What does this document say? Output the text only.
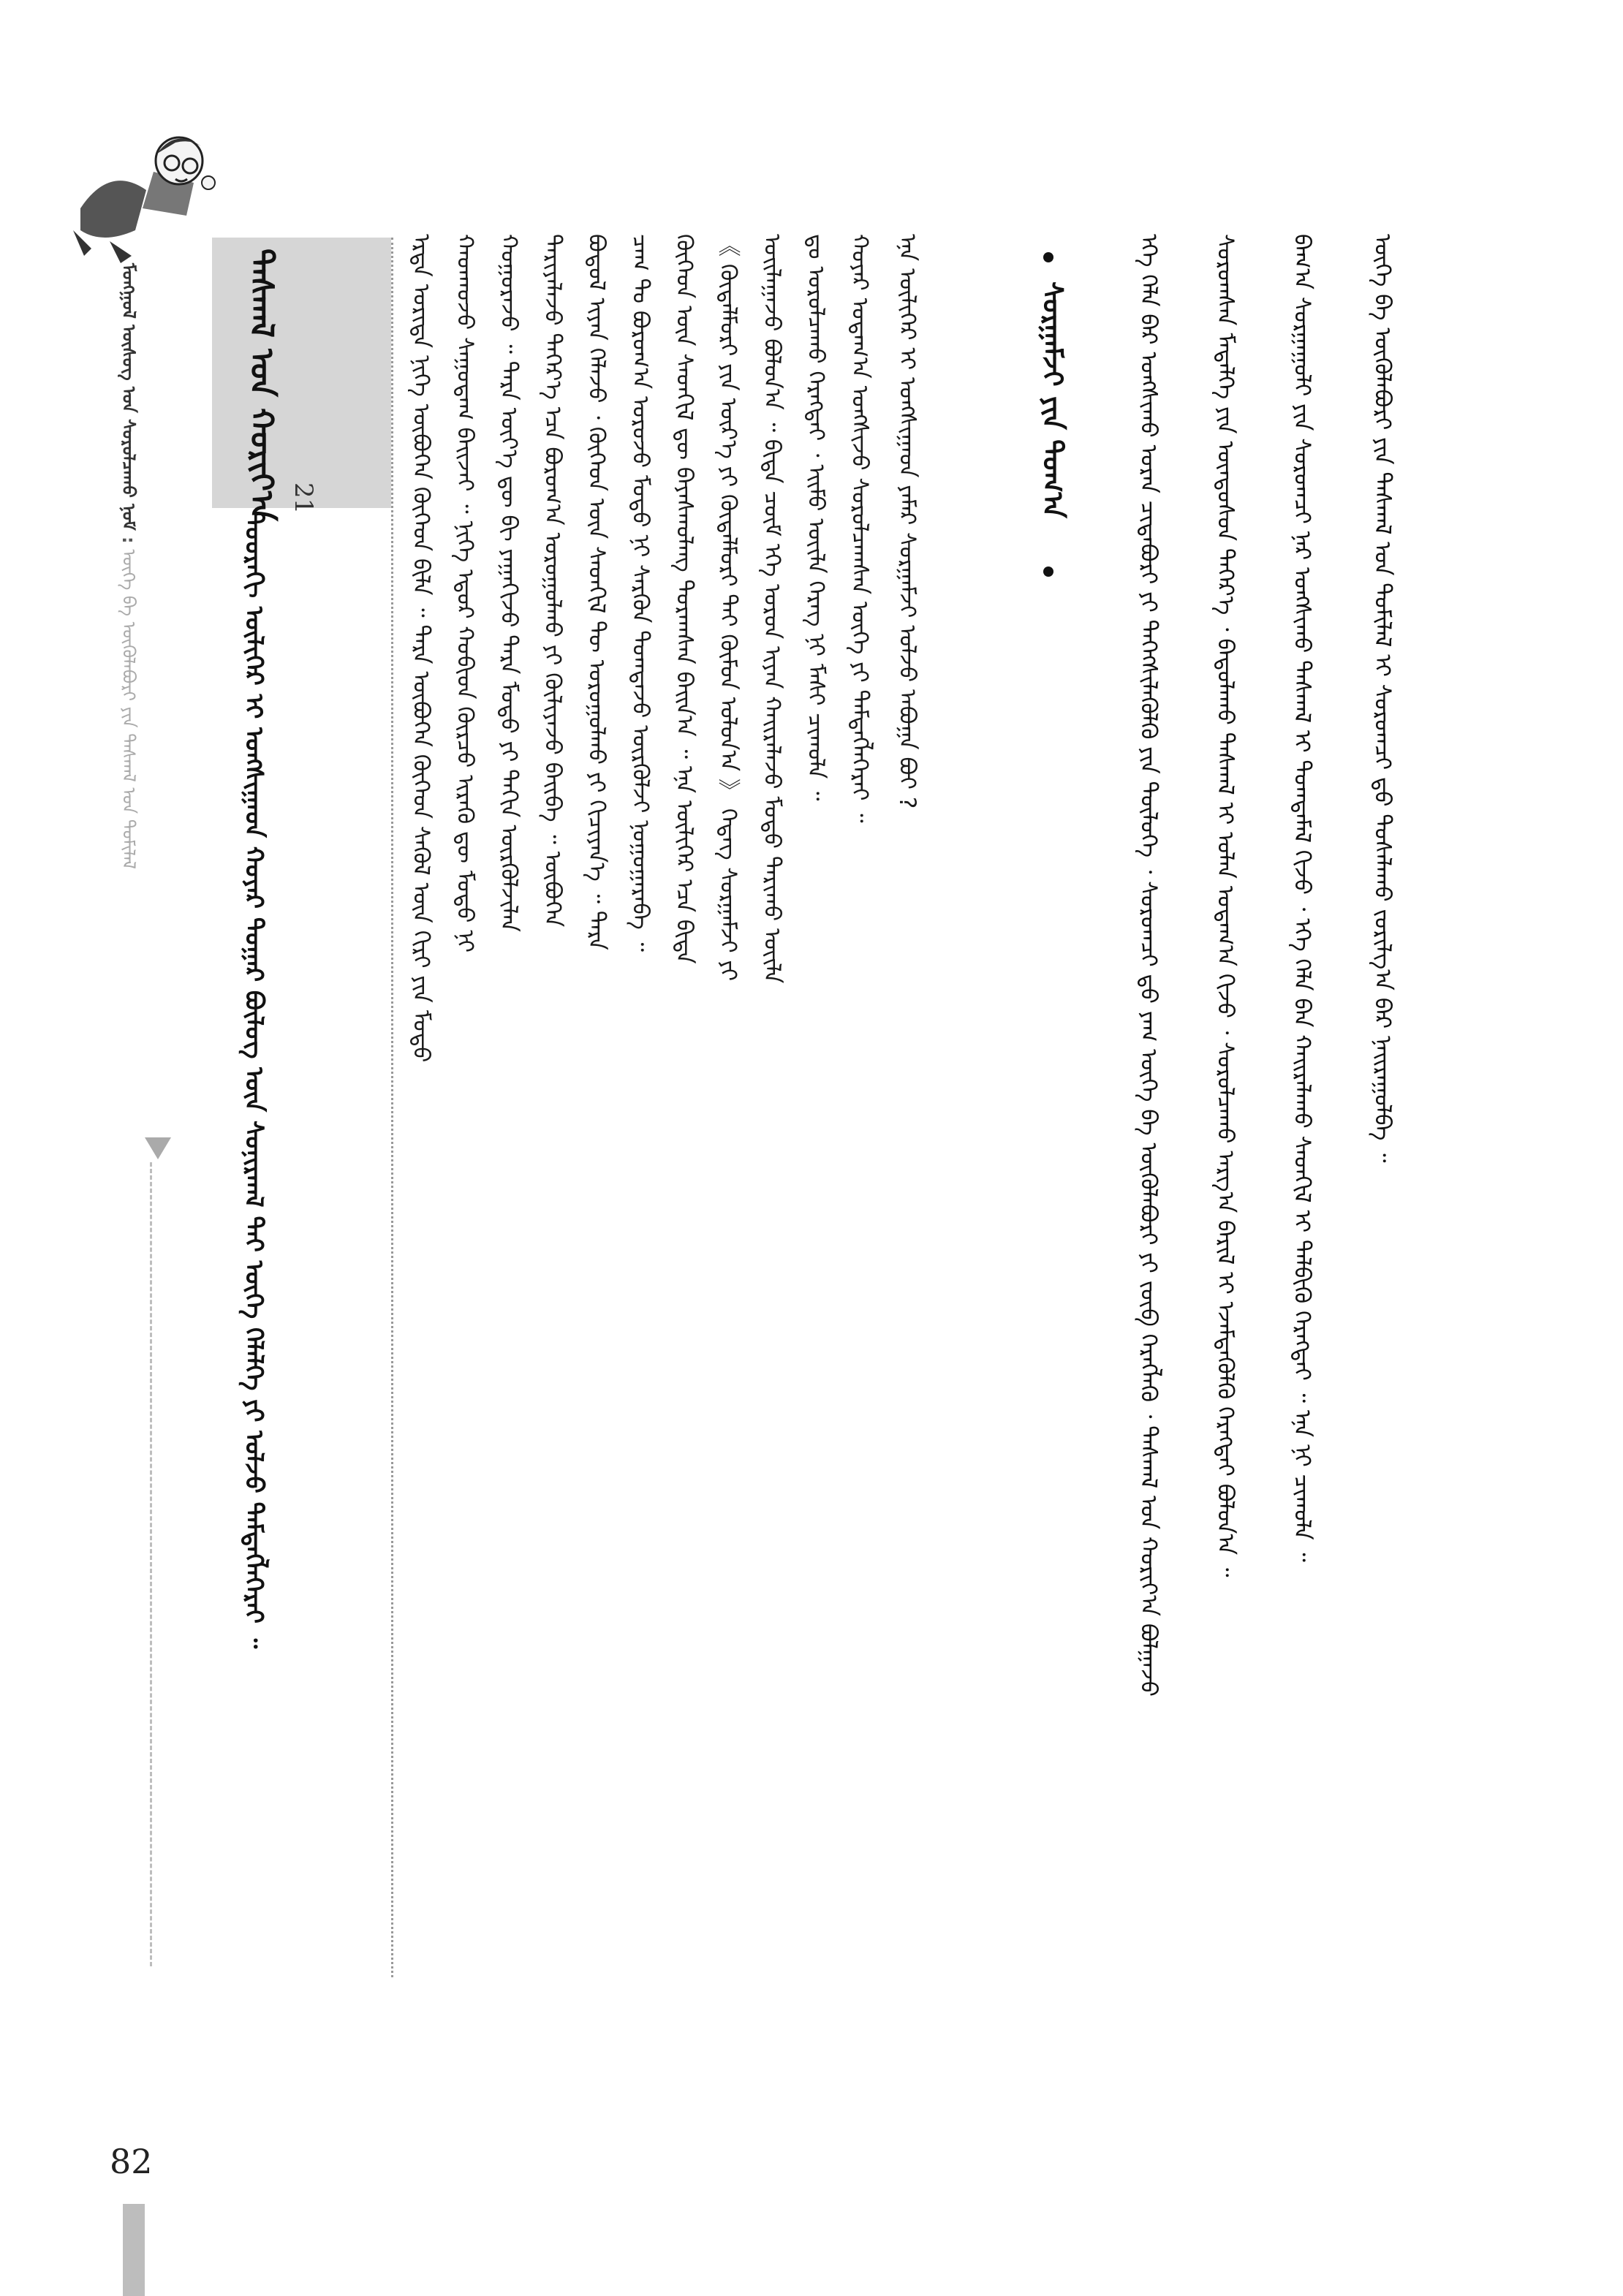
ᠮᠣᠩᠭᠣᠯ ᠦᠰᠦᠭ ᠤᠨ ᠰᠤᠷᠤᠯᠴᠠᠬᠤ ᠨᠣᠮ:ᠦᠭᠡ ᠪᠠ ᠦᠭᠦᠯᠡᠪᠦᠷᠢ ᠶᠢᠨ ᠳᠠᠰᠬᠠᠯ ᠤᠨ ᠲᠣᠮᠢᠯᠠᠯ
82
ᠳᠠᠰᠬᠠᠯ ᠤᠨ ᠬᠣᠷᠢᠶ᠎ᠠ 21
ᠳᠣᠣᠷᠠᠬᠢ ᠦᠯᠢᠭᠡᠷ ᠢ ᠤᠩᠰᠢᠭᠠᠳ ᠬᠣᠶᠠᠷ ᠳᠤᠭᠠᠷ ᠪᠦᠯᠦᠭ ᠦᠨ ᠰᠣᠨᠢᠷᠬᠠᠯ ᠲᠠᠢ ᠦᠭᠡ ᠬᠡᠯᠡᠯᠭᠡ ᠶᠢ ᠣᠯᠵᠤ ᠲᠡᠮᠳᠡᠭᠯᠡᠭᠡᠷᠡᠢ ᠃	ᠡᠷᠲᠡ ᠤᠷᠢᠳᠠ ᠨᠢᠭᠡ ᠦᠪᠦᠭᠡᠨ ᠬᠥᠬᠡᠳ ᠪᠢᠯᠡ ᠃ ᠲᠡᠷᠡ ᠦᠪᠦᠭᠡᠨ ᠬᠥᠬᠡᠳ ᠰᠡᠭᠦᠯ ᠦᠨ ᠬᠢᠷᠢ ᠶᠢᠨ ᠮᠣᠳᠣ ᠬᠠᠳᠬᠤᠵᠤ ᠰᠠᠭᠤᠳᠠᠭ ᠪᠠᠢᠵᠠᠢ ᠃ ᠨᠢᠭᠡ ᠡᠳᠦᠷ ᠬᠣᠪᠢᠳ ᠬᠦᠷᠴᠦ ᠢᠷᠡᠬᠦ ᠳᠦ ᠮᠣᠳᠣ ᠨᠢ ᠬᠤᠭᠤᠷᠠᠵᠤ ᠃ ᠲᠡᠷᠡ ᠦᠶ᠎ᠡ ᠳᠦ ᠪᠢ ᠶᠠᠭᠠᠬᠢᠵᠤ ᠲᠡᠷᠡ ᠮᠣᠳᠣ ᠶᠢ ᠳᠠᠬᠢᠨ ᠦᠷᠭᠦᠯᠵᠢᠯᠡᠨ ᠲᠠᠷᠢᠶᠠᠯᠠᠵᠤ ᠳᠡᠭᠡᠷ᠎ᠡ ᠡᠴᠡ ᠪᠣᠷᠤᠭ᠎ᠠ ᠣᠷᠣᠭᠤᠯᠬᠤ ᠶᠢ ᠬᠦᠯᠢᠶᠡᠵᠦ ᠪᠠᠢᠪᠠ ᠃ ᠦᠪᠦᠭᠡᠨ ᠪᠣᠳᠣᠯ ᠢᠶᠡᠨ ᠬᠡᠯᠡᠵᠦ ᠂ ᠬᠥᠬᠡᠳ ᠦᠨ ᠰᠡᠳᠬᠢᠯ ᠲᠦ ᠣᠷᠣᠭᠤᠯᠬᠤ ᠶᠢ ᠬᠢᠴᠢᠶᠡᠨ᠎ᠡ ᠃ ᠲᠡᠷᠡ ᠴᠠᠭ ᠲᠤ ᠪᠣᠷᠤᠭ᠎ᠠ ᠣᠷᠣᠵᠤ ᠮᠣᠳᠣ ᠨᠢ ᠰᠡᠷᠭᠦᠨ ᠲᠣᠭᠲᠠᠵᠤ ᠦᠷᠭᠦᠯᠵᠢ ᠨᠣᠭᠣᠭᠠᠷᠠᠪᠠ ᠃ ᠬᠥᠬᠡᠳ ᠦᠨ ᠰᠡᠳᠬᠢᠯ ᠳᠦ ᠪᠠᠶᠠᠰᠬᠤᠯᠠᠩ ᠲᠤᠷᠠᠭᠰᠠᠨ ᠪᠠᠢᠨ᠎ᠠ ᠃ ᠡᠨᠡ ᠦᠯᠢᠭᠡᠷ ᠡᠴᠡ ᠪᠢᠳᠡ 《 ᠬᠥᠳᠡᠯᠮᠦᠷᠢ ᠶᠢᠨ ᠦᠷ᠎ᠡ ᠶᠢ ᠬᠦᠳᠡᠯᠮᠦᠷᠢ ᠲᠡᠢ ᠬᠦᠮᠦᠨ ᠣᠯᠣᠨ᠎ᠠ 》 ᠭᠡᠳᠡᠭ ᠰᠤᠷᠭᠠᠮᠵᠢ ᠶᠢ ᠣᠢᠯᠠᠭᠠᠵᠤ ᠪᠣᠯᠣᠨ᠎ᠠ ᠃ ᠪᠢᠳᠡ ᠴᠥᠮ ᠡᠬᠡ ᠣᠷᠣᠨ ᠢᠶᠡᠨ ᠬᠠᠢᠷᠠᠯᠠᠵᠤ ᠮᠣᠳᠣ ᠲᠠᠷᠢᠬᠤ ᠦᠢᠯᠡ ᠳᠤ ᠣᠷᠣᠯᠴᠠᠬᠤ ᠬᠡᠷᠡᠭᠲᠡᠢ ᠂ ᠡᠢᠮᠦ ᠦᠢᠯᠡ ᠬᠡᠷᠡᠭ ᠨᠢ ᠮᠠᠰᠢ ᠴᠢᠬᠤᠯᠠ ᠃ ᠬᠣᠶᠠᠷ ᠤᠳᠠᠭ᠎ᠠ ᠤᠩᠰᠢᠵᠤ ᠰᠤᠷᠤᠯᠴᠠᠭᠰᠠᠨ ᠦᠭᠡ ᠶᠢ ᠲᠡᠮᠳᠡᠭᠯᠡᠭᠡᠷᠡᠢ ᠃ ᠡᠨᠡ ᠦᠯᠢᠭᠡᠷ ᠢ ᠤᠩᠰᠢᠭᠠᠳ ᠶᠠᠮᠠᠷ ᠰᠤᠷᠭᠠᠮᠵᠢ ᠣᠯᠵᠤ ᠠᠪᠤᠭᠠ ᠪᠤᠢ ?	ᠰᠤᠷᠭᠠᠮᠵᠢ ᠶᠢᠨ ᠲᠣᠭ᠎ᠠ	ᠡᠬᠡ ᠬᠡᠯᠡ ᠪᠡᠷ ᠤᠩᠰᠢᠬᠤ ᠤᠷᠠᠨ ᠴᠢᠳᠠᠪᠤᠷᠢ ᠶᠢ ᠳᠡᠭᠡᠭᠰᠢᠯᠡᠭᠦᠯᠬᠦ ᠶᠢᠨ ᠲᠥᠯᠦᠭᠡ ᠂ ᠰᠤᠷᠤᠭᠴᠢ ᠳ᠋ᠤ ᠶᠠᠭ ᠦᠭᠡ ᠪᠠ ᠦᠭᠦᠯᠡᠪᠦᠷᠢ ᠶᠢ ᠵᠥᠪ ᠬᠡᠷᠡᠭᠯᠡᠬᠦ ᠂ ᠳᠠᠰᠬᠠᠯ ᠤᠨ ᠬᠣᠷᠢᠶ᠎ᠠ ᠪᠣᠯᠭᠠᠵᠤ ᠰᠤᠷᠤᠭᠰᠠᠨ ᠮᠡᠳᠡᠯᠭᠡ ᠶᠢᠨ ᠦᠨᠳᠦᠰᠦᠨ ᠳᠡᠭᠡᠷ᠎ᠡ ᠂ ᠪᠠᠳᠤᠯᠠᠬᠤ ᠳᠠᠰᠬᠠᠯ ᠢ ᠣᠯᠠᠨ ᠤᠳᠠᠭ᠎ᠠ ᠬᠢᠵᠦ ᠂ ᠰᠤᠷᠤᠯᠴᠠᠬᠤ ᠠᠷᠭ᠎ᠠ ᠪᠠᠷᠢᠯ ᠢ ᠡᠵᠡᠮᠳᠡᠭᠦᠯᠬᠦ ᠬᠡᠷᠡᠭᠲᠡᠢ ᠪᠣᠯᠤᠨ᠎ᠠ ᠃ ᠪᠠᠭ᠎ᠠ ᠰᠤᠷᠭᠠᠭᠤᠯᠢ ᠶᠢᠨ ᠰᠤᠷᠤᠭᠴᠢ ᠨᠠᠷ ᠤᠩᠰᠢᠬᠤ ᠳᠠᠰᠬᠠᠯ ᠢ ᠲᠣᠭᠲᠠᠮᠠᠯ ᠬᠢᠵᠦ ᠂ ᠡᠬᠡ ᠬᠡᠯᠡ ᠪᠡᠨ ᠬᠠᠢᠷᠠᠯᠠᠬᠤ ᠰᠡᠳᠬᠢᠯ ᠢ ᠲᠡᠯᠪᠢᠬᠦ ᠬᠡᠷᠡᠭᠲᠡᠢ ᠃ ᠡᠨᠡ ᠨᠢ ᠴᠢᠬᠤᠯᠠ ᠃ ᠦᠭᠡ ᠪᠠ ᠦᠭᠦᠯᠡᠪᠦᠷᠢ ᠶᠢᠨ ᠳᠠᠰᠬᠠᠯ ᠤᠨ ᠲᠣᠮᠢᠯᠠᠯ ᠢ ᠰᠤᠷᠤᠭᠴᠢ ᠳ᠋ᠤ ᠲᠤᠰᠠᠯᠠᠬᠤ ᠵᠣᠷᠢᠯᠭ᠎ᠠ ᠪᠠᠷ ᠨᠠᠢᠷᠠᠭᠤᠯᠪᠠ ᠃
